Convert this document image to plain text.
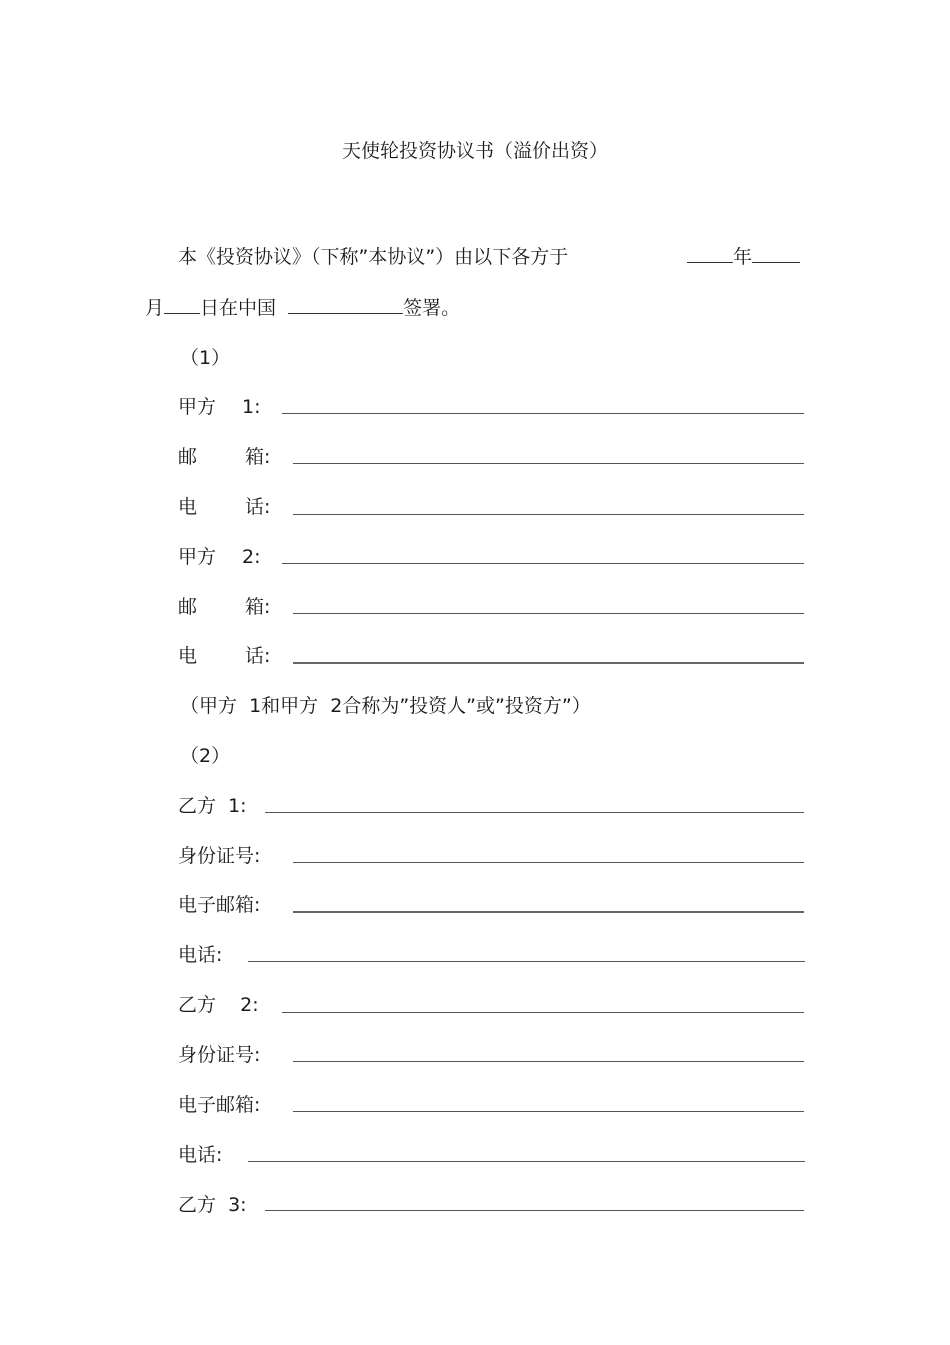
天使轮投资协议书（溢价出资）
本《投资协议》（下称”本协议”）由以下各方于	年
月 日在中国	签署。
（1）
甲方 1:
邮	箱:
电	话:
甲方 2:
邮	箱:
电	话:
（甲方  1和甲方  2合称为”投资人”或”投资方”）
（2）
乙方  1:
身份证号:
电子邮箱:
电话:
乙方    2:
身份证号:
电子邮箱:
电话:
乙方  3:
